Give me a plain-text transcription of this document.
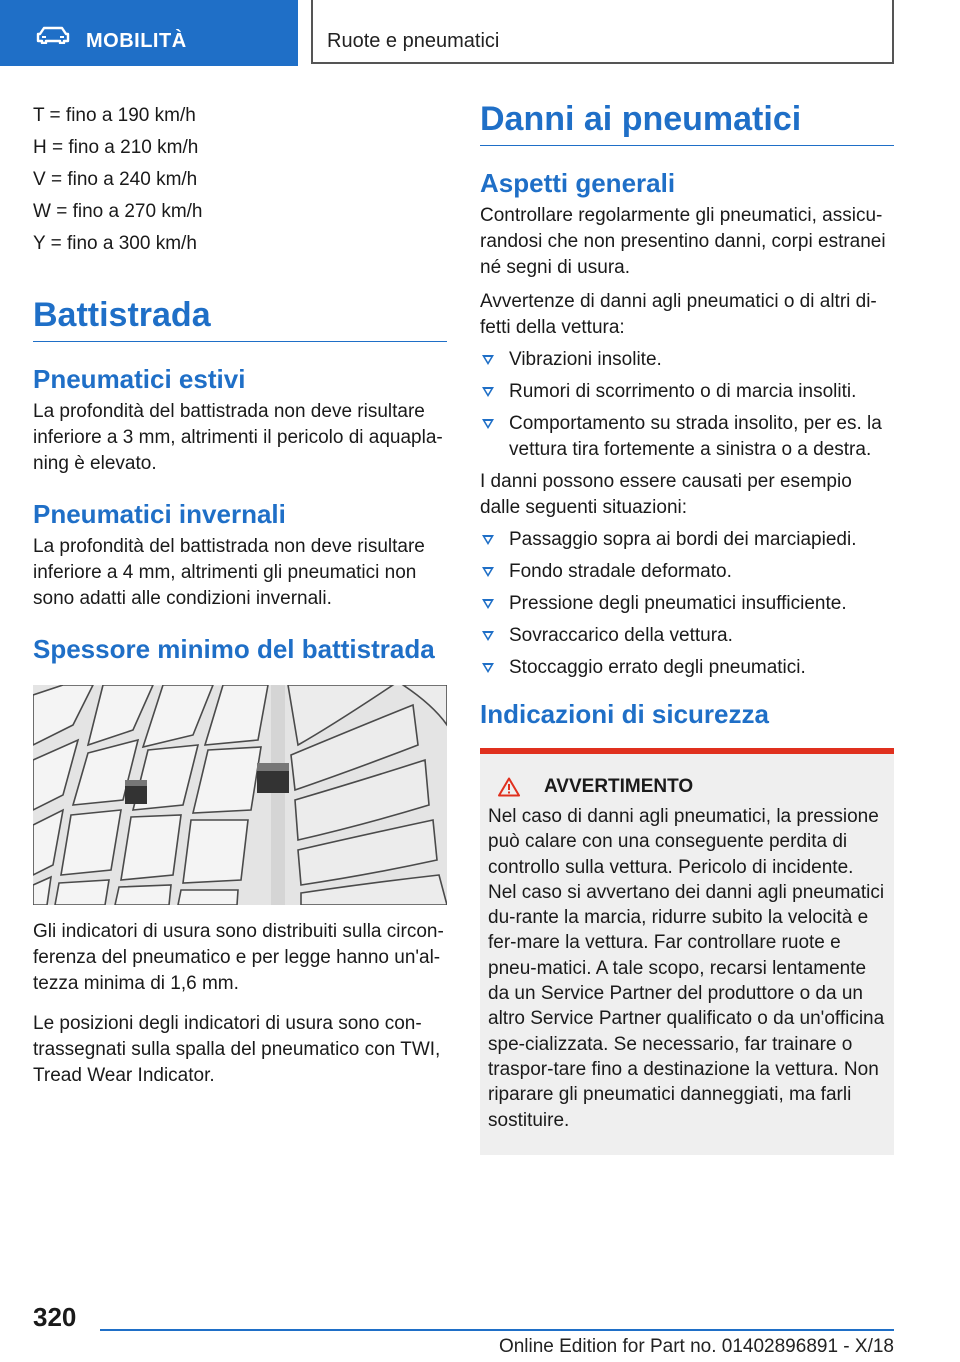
MOBILITÀ	Ruote e pneumatici

T = fino a 190 km/h

H = fino a 210 km/h

V = fino a 240 km/h

W = fino a 270 km/h

Y = fino a 300 km/h

Battistrada
Pneumatici estivi

La profondità del battistrada non deve risultare inferiore a 3 mm, altrimenti il pericolo di aquapla-ning è elevato.

Pneumatici invernali

La profondità del battistrada non deve risultare inferiore a 4 mm, altrimenti gli pneumatici non sono adatti alle condizioni invernali.

Spessore minimo del battistrada

Gli indicatori di usura sono distribuiti sulla circon-ferenza del pneumatico e per legge hanno un'al-tezza minima di 1,6 mm.

Le posizioni degli indicatori di usura sono con-trassegnati sulla spalla del pneumatico con TWI, Tread Wear Indicator.

Danni ai pneumatici
Aspetti generali

Controllare regolarmente gli pneumatici, assicu-randosi che non presentino danni, corpi estranei né segni di usura.

Avvertenze di danni agli pneumatici o di altri di-fetti della vettura:

Vibrazioni insolite.
Rumori di scorrimento o di marcia insoliti.
Comportamento su strada insolito, per es. la vettura tira fortemente a sinistra o a destra.

I danni possono essere causati per esempio dalle seguenti situazioni:

Passaggio sopra ai bordi dei marciapiedi.
Fondo stradale deformato.
Pressione degli pneumatici insufficiente.
Sovraccarico della vettura.
Stoccaggio errato degli pneumatici.
Indicazioni di sicurezza
AVVERTIMENTO

Nel caso di danni agli pneumatici, la pressione può calare con una conseguente perdita di controllo sulla vettura. Pericolo di incidente. Nel caso si avvertano dei danni agli pneumatici du-rante la marcia, ridurre subito la velocità e fer-mare la vettura. Far controllare ruote e pneu-matici. A tale scopo, recarsi lentamente da un Service Partner del produttore o da un altro Service Partner qualificato o da un'officina spe-cializzata. Se necessario, far trainare o traspor-tare fino a destinazione la vettura. Non riparare gli pneumatici danneggiati, ma farli sostituire.

320
Online Edition for Part no. 01402896891 - X/18
